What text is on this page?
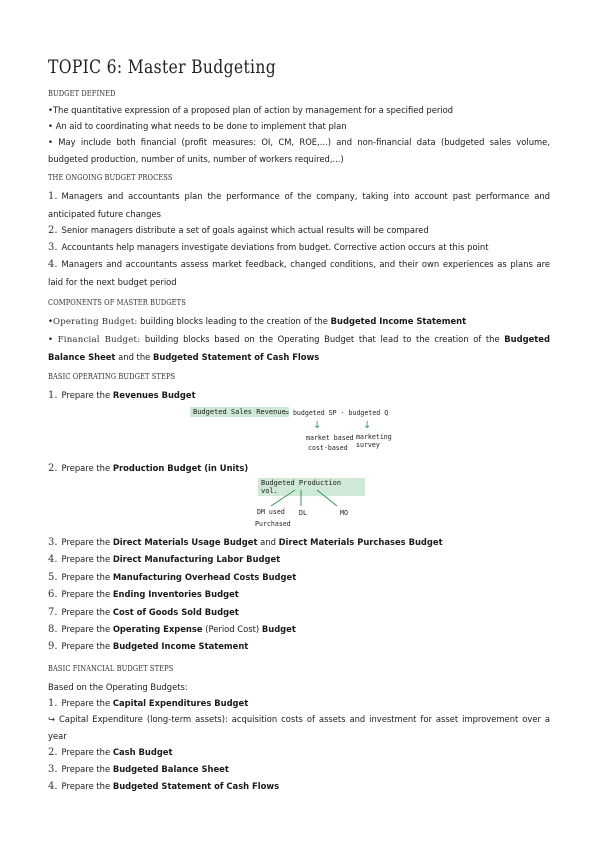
TOPIC 6: Master Budgeting
BUDGET DEFINED
•The quantitative expression of a proposed plan of action by management for a specified period
• An aid to coordinating what needs to be done to implement that plan
• May include both financial (profit measures: OI, CM, ROE,...) and non-financial data (budgeted sales volume, budgeted production, number of units, number of workers required,...)
THE ONGOING BUDGET PROCESS
1. Managers and accountants plan the performance of the company, taking into account past performance and anticipated future changes
2. Senior managers distribute a set of goals against which actual results will be compared
3. Accountants help managers investigate deviations from budget. Corrective action occurs at this point
4. Managers and accountants assess market feedback, changed conditions, and their own experiences as plans are laid for the next budget period
COMPONENTS OF MASTER BUDGETS
•Operating Budget: building blocks leading to the creation of the Budgeted Income Statement
• Financial Budget: building blocks based on the Operating Budget that lead to the creation of the Budgeted Balance Sheet and the Budgeted Statement of Cash Flows
BASIC OPERATING BUDGET STEPS
1. Prepare the Revenues Budget
Budgeted Sales Revenue = budgeted SP · budgeted Q
↓	↓
market based marketing survey
cost-based
2. Prepare the Production Budget (in Units)
Budgeted Production vol.
DM used
Purchased
DL	MO
3. Prepare the Direct Materials Usage Budget and Direct Materials Purchases Budget
4. Prepare the Direct Manufacturing Labor Budget
5. Prepare the Manufacturing Overhead Costs Budget
6. Prepare the Ending Inventories Budget
7. Prepare the Cost of Goods Sold Budget
8. Prepare the Operating Expense (Period Cost) Budget
9. Prepare the Budgeted Income Statement
BASIC FINANCIAL BUDGET STEPS
Based on the Operating Budgets:
1. Prepare the Capital Expenditures Budget
↪ Capital Expenditure (long-term assets): acquisition costs of assets and investment for asset improvement over a year
2. Prepare the Cash Budget
3. Prepare the Budgeted Balance Sheet
4. Prepare the Budgeted Statement of Cash Flows
